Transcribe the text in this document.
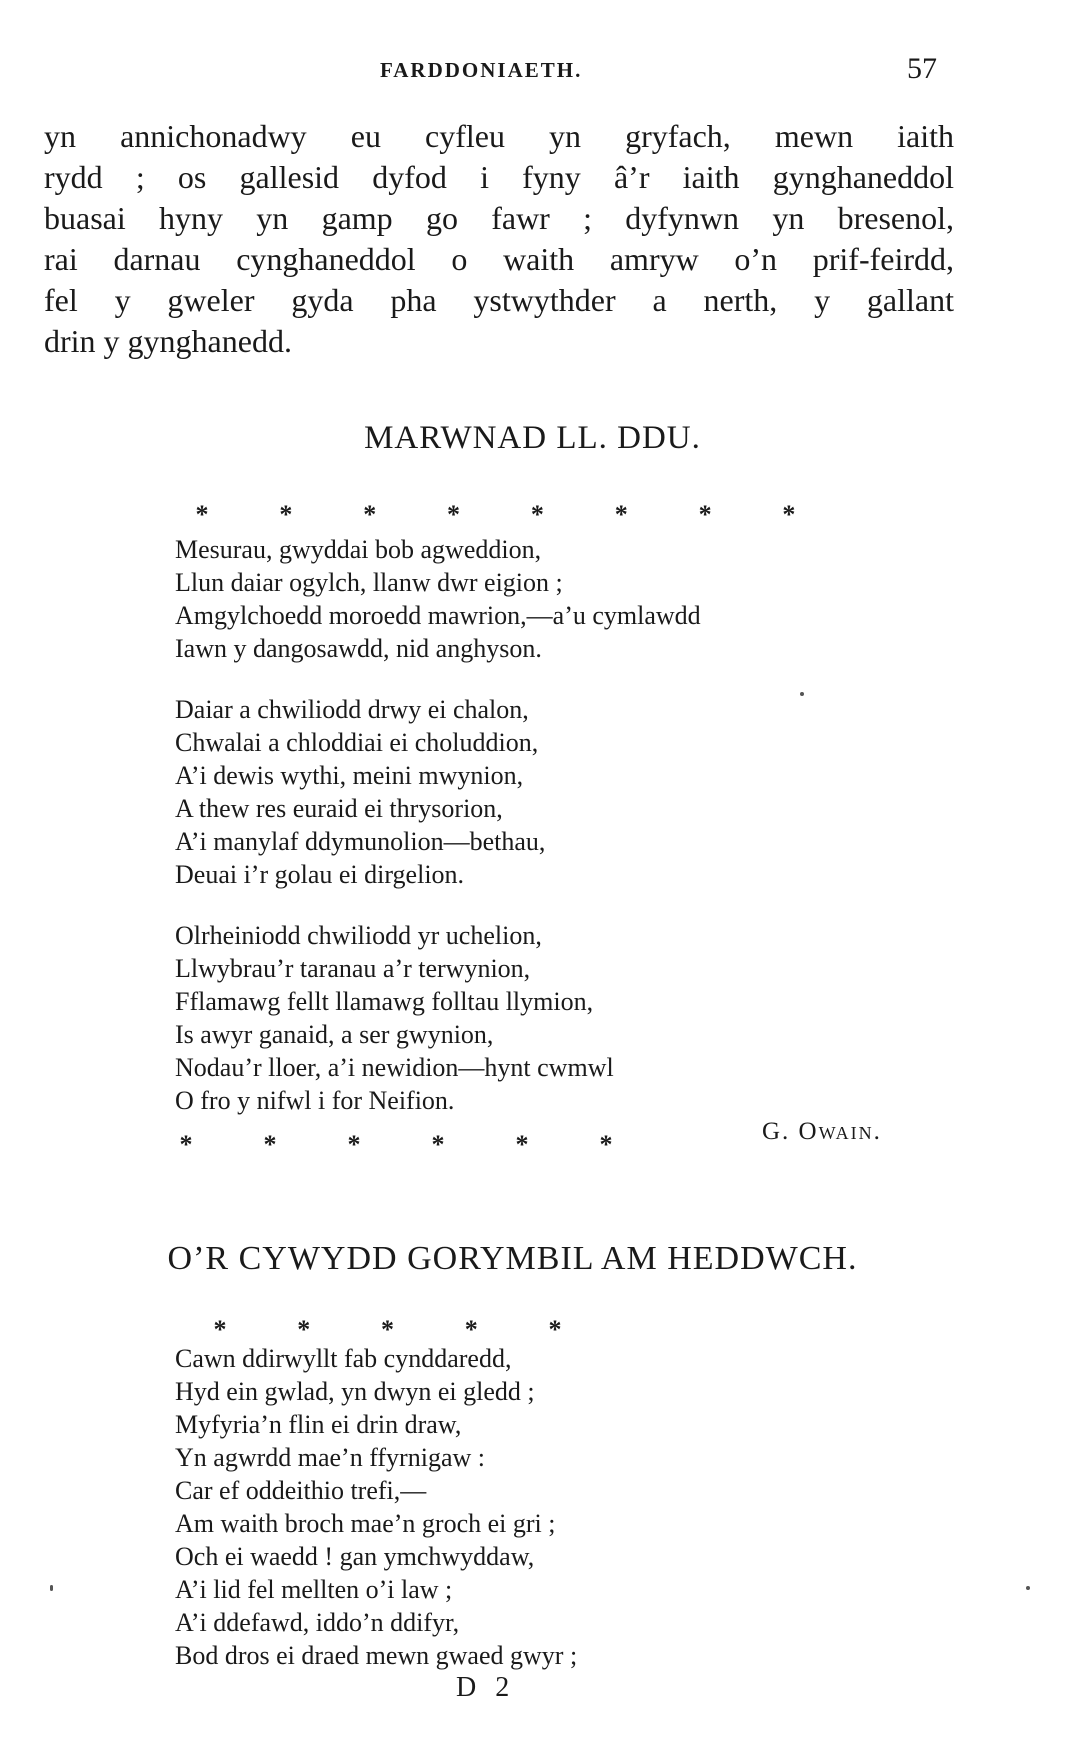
FARDDONIAETH.	57
yn annichonadwy eu cyfleu yn gryfach, mewn iaith
rydd ; os gallesid dyfod i fyny â’r iaith gynghaneddol
buasai hyny yn gamp go fawr ; dyfynwn yn bresenol,
rai darnau cynghaneddol o waith amryw o’n prif-feirdd,
fel y gweler gyda pha ystwythder a nerth, y gallant
drin y gynghanedd.
MARWNAD LL. DDU.
*	*	*	*	*	*	*	*
Mesurau, gwyddai bob agweddion,
Llun daiar ogylch, llanw dwr eigion ;
Amgylchoedd moroedd mawrion,—a’u cymlawdd
Iawn y dangosawdd, nid anghyson.
Daiar a chwiliodd drwy ei chalon,
Chwalai a chloddiai ei choluddion,
A’i dewis wythi, meini mwynion,
A thew res euraid ei thrysorion,
A’i manylaf ddymunolion—bethau,
Deuai i’r golau ei dirgelion.
Olrheiniodd chwiliodd yr uchelion,
Llwybrau’r taranau a’r terwynion,
Fflamawg fellt llamawg folltau llymion,
Is awyr ganaid, a ser gwynion,
Nodau’r lloer, a’i newidion—hynt cwmwl
O fro y nifwl i for Neifion.
*	*	*	*	*	*	G. Owain.
O’R CYWYDD GORYMBIL AM HEDDWCH.
*	*	*	*	*
Cawn ddirwyllt fab cynddaredd,
Hyd ein gwlad, yn dwyn ei gledd ;
Myfyria’n flin ei drin draw,
Yn agwrdd mae’n ffyrnigaw :
Car ef oddeithio trefi,—
Am waith broch mae’n groch ei gri ;
Och ei waedd ! gan ymchwyddaw,
A’i lid fel mellten o’i law ;
A’i ddefawd, iddo’n ddifyr,
Bod dros ei draed mewn gwaed gwyr ;
D 2
